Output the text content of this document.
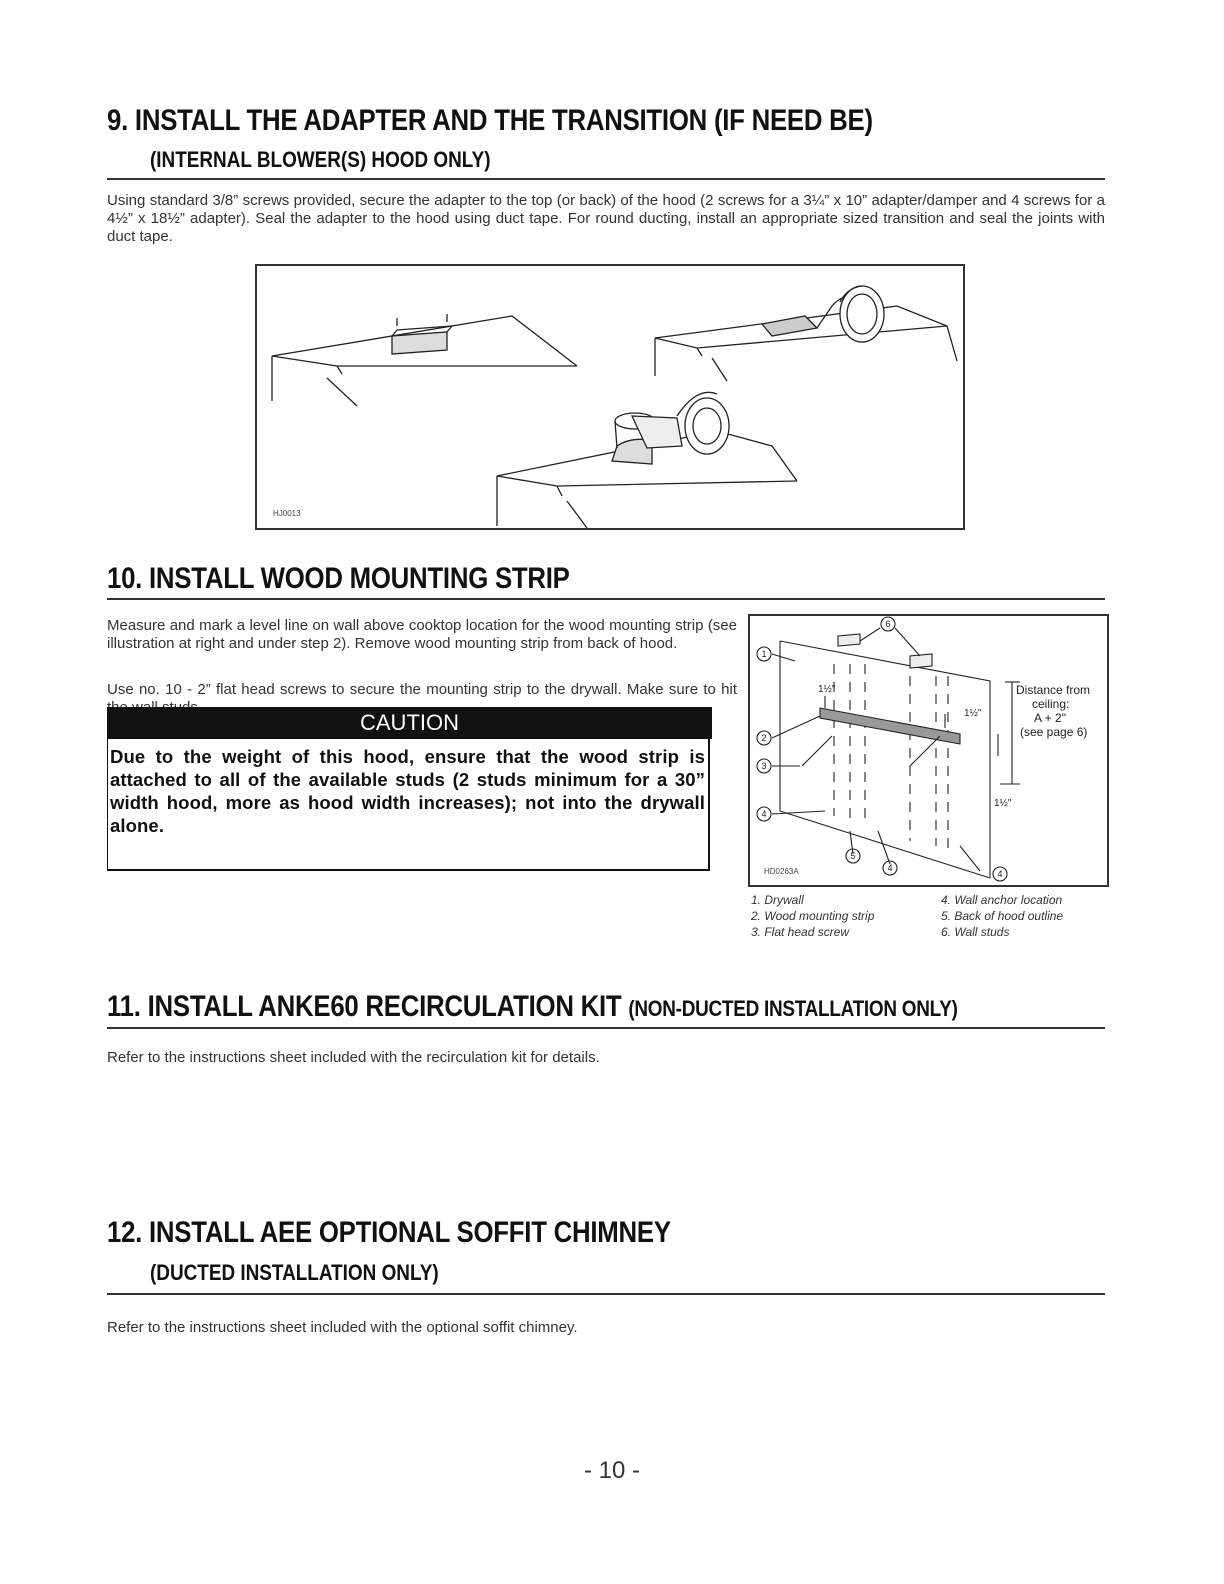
9. INSTALL THE ADAPTER AND THE TRANSITION (IF NEED BE)
(INTERNAL BLOWER(S) HOOD ONLY)
Using standard 3/8” screws provided, secure the adapter to the top (or back) of the hood (2 screws for a 3¼” x 10” adapter/damper and 4 screws for a 4½” x 18½” adapter). Seal the adapter to the hood using duct tape. For round ducting, install an appropriate sized transition and seal the joints with duct tape.
HJ0013
10. INSTALL WOOD MOUNTING STRIP
Measure and mark a level line on wall above cooktop location for the wood mounting strip (see illustration at right and under step 2). Remove wood mounting strip from back of hood.
Use no. 10 - 2” flat head screws to secure the mounting strip to the drywall. Make sure to hit
CAUTION
Due to the weight of this hood, ensure that the wood strip is attached to all of the available studs (2 studs minimum for a 30” width hood, more as hood width increases); not into the drywall alone.
1
2
3
4
5
6
4
4
1½"
1½"
1½"
Distance from
ceiling:
A + 2"
(see page 6)
HD0263A
1. Drywall
2. Wood mounting strip
3. Flat head screw
4. Wall anchor location
5. Back of hood outline
6. Wall studs
11. INSTALL ANKE60 RECIRCULATION KIT (NON-DUCTED INSTALLATION ONLY)
Refer to the instructions sheet included with the recirculation kit for details.
12. INSTALL AEE OPTIONAL SOFFIT CHIMNEY
(DUCTED INSTALLATION ONLY)
Refer to the instructions sheet included with the optional soffit chimney.
- 10 -
